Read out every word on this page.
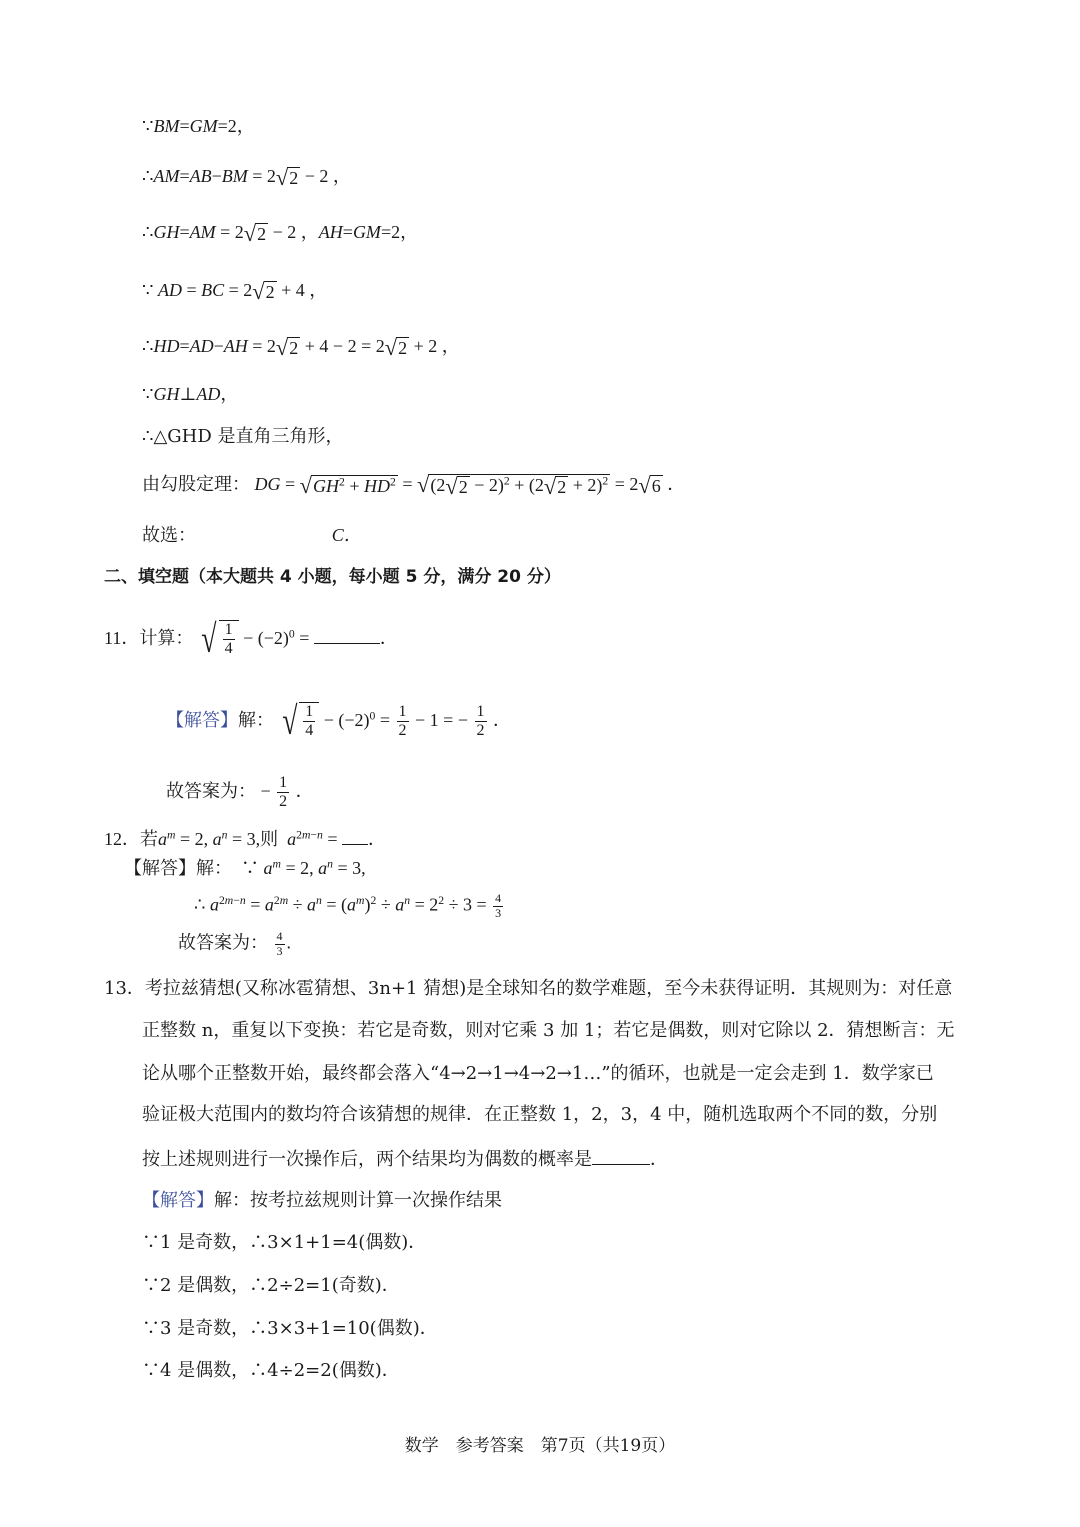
∵BM=GM=2，
∴AM=AB−BM = 2 √ 2 − 2 ，
∴GH=AM = 2 √ 2 − 2 ，AH=GM=2，
∵ AD = BC = 2 √ 2 + 4 ，
∴HD=AD−AH = 2 √ 2 + 4 − 2 = 2 √ 2 + 2 ，
∵GH⊥AD，
∴△GHD 是直角三角形，
由勾股定理： DG = √ $GH^2 + HD^2$ = √ (2 √ 2 − 2)$^2$ + (2 √ 2 + 2)$^2$ = 2 √ 6 ．
故选：	C．
二、填空题（本大题共 4 小题，每小题 5 分，满分 20 分）
11．计算： √ $\frac{1}{4} - (-2)^0$ =	．
【解答】解： √ $\frac{1}{4} - (-2)^0 = \frac{1}{2} - 1$ = − $\frac{1}{2}$ ．
故答案为： − $\frac{1}{2}$ ．
12．若$a^m = 2$, $a^n = 3$,则  $a^{2m-n}$ = ．
【解答】解：  ∵ $a^m = 2$, $a^n = 3$,
∴ $a^{2m-n} = a^{2m} \div a^n = (a^m)^2 \div a^n = 2^2 \div 3 = \frac{4}{3}$
故答案为： $\frac{4}{3}$ .
13．考拉兹猜想(又称冰雹猜想、3n+1 猜想)是全球知名的数学难题，至今未获得证明．其规则为：对任意
正整数 n，重复以下变换：若它是奇数，则对它乘 3 加 1；若它是偶数，则对它除以 2．猜想断言：无
论从哪个正整数开始，最终都会落入“4→2→1→4→2→1…”的循环，也就是一定会走到 1．数学家已
验证极大范围内的数均符合该猜想的规律．在正整数 1，2，3，4 中，随机选取两个不同的数，分别
按上述规则进行一次操作后，两个结果均为偶数的概率是	．
【解答】解：按考拉兹规则计算一次操作结果
∵1 是奇数，∴3×1+1=4(偶数)．
∵2 是偶数，∴2÷2=1(奇数)．
∵3 是奇数，∴3×3+1=10(偶数)．
∵4 是偶数，∴4÷2=2(偶数)．
数学　参考答案　第7页（共19页）
